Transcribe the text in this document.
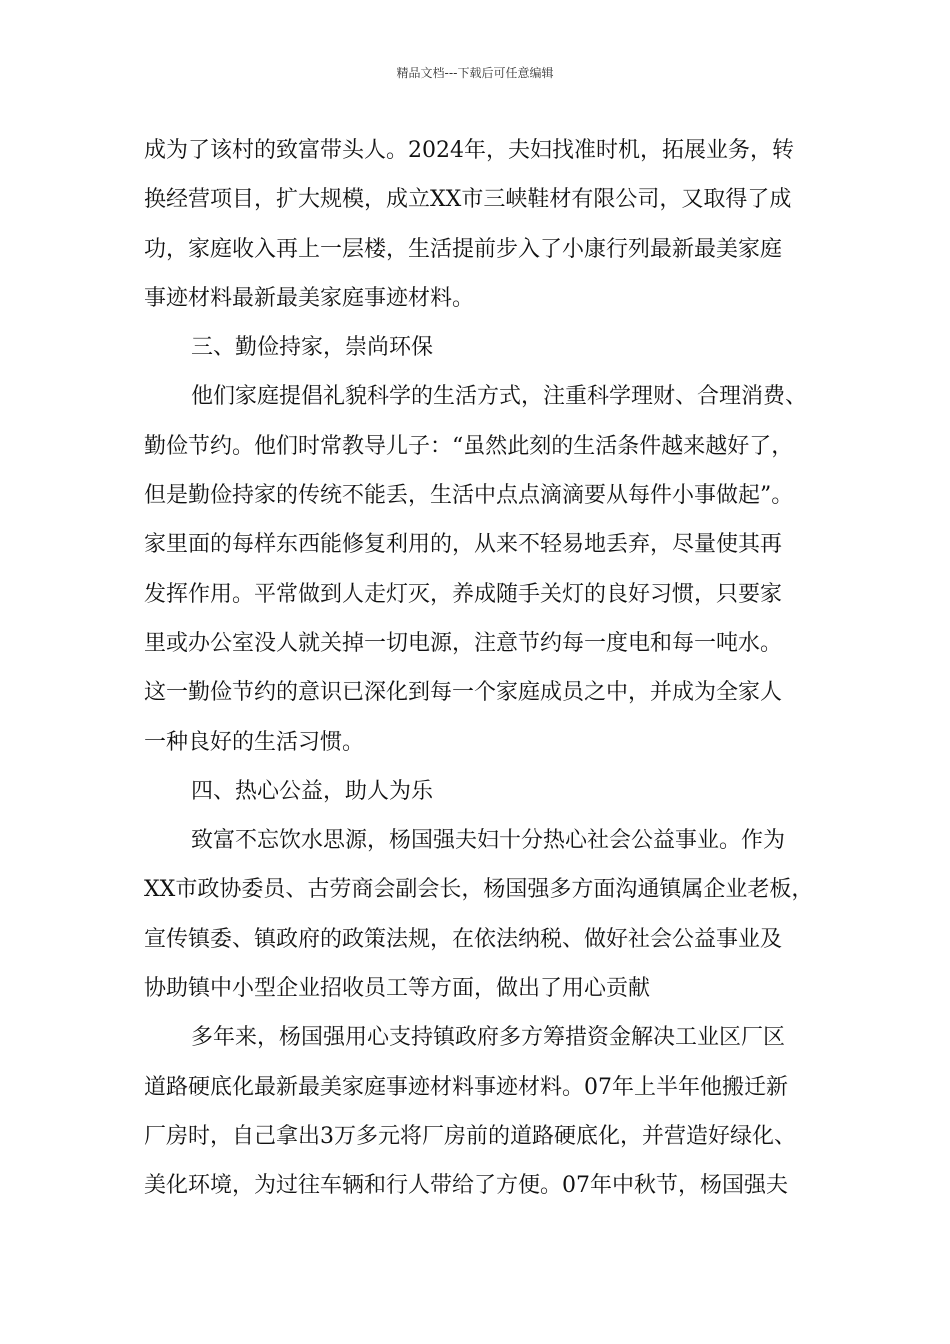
精品文档---下载后可任意编辑
成为了该村的致富带头人。2024年，夫妇找准时机，拓展业务，转
换经营项目，扩大规模，成立XX市三峡鞋材有限公司，又取得了成
功，家庭收入再上一层楼，生活提前步入了小康行列最新最美家庭
事迹材料最新最美家庭事迹材料。
三、勤俭持家，崇尚环保
他们家庭提倡礼貌科学的生活方式，注重科学理财、合理消费、
勤俭节约。他们时常教导儿子：“虽然此刻的生活条件越来越好了，
但是勤俭持家的传统不能丢，生活中点点滴滴要从每件小事做起”。
家里面的每样东西能修复利用的，从来不轻易地丢弃，尽量使其再
发挥作用。平常做到人走灯灭，养成随手关灯的良好习惯，只要家
里或办公室没人就关掉一切电源，注意节约每一度电和每一吨水。
这一勤俭节约的意识已深化到每一个家庭成员之中，并成为全家人
一种良好的生活习惯。
四、热心公益，助人为乐
致富不忘饮水思源，杨国强夫妇十分热心社会公益事业。作为
XX市政协委员、古劳商会副会长，杨国强多方面沟通镇属企业老板，
宣传镇委、镇政府的政策法规，在依法纳税、做好社会公益事业及
协助镇中小型企业招收员工等方面，做出了用心贡献
多年来，杨国强用心支持镇政府多方筹措资金解决工业区厂区
道路硬底化最新最美家庭事迹材料事迹材料。07年上半年他搬迁新
厂房时，自己拿出3万多元将厂房前的道路硬底化，并营造好绿化、
美化环境，为过往车辆和行人带给了方便。07年中秋节，杨国强夫
